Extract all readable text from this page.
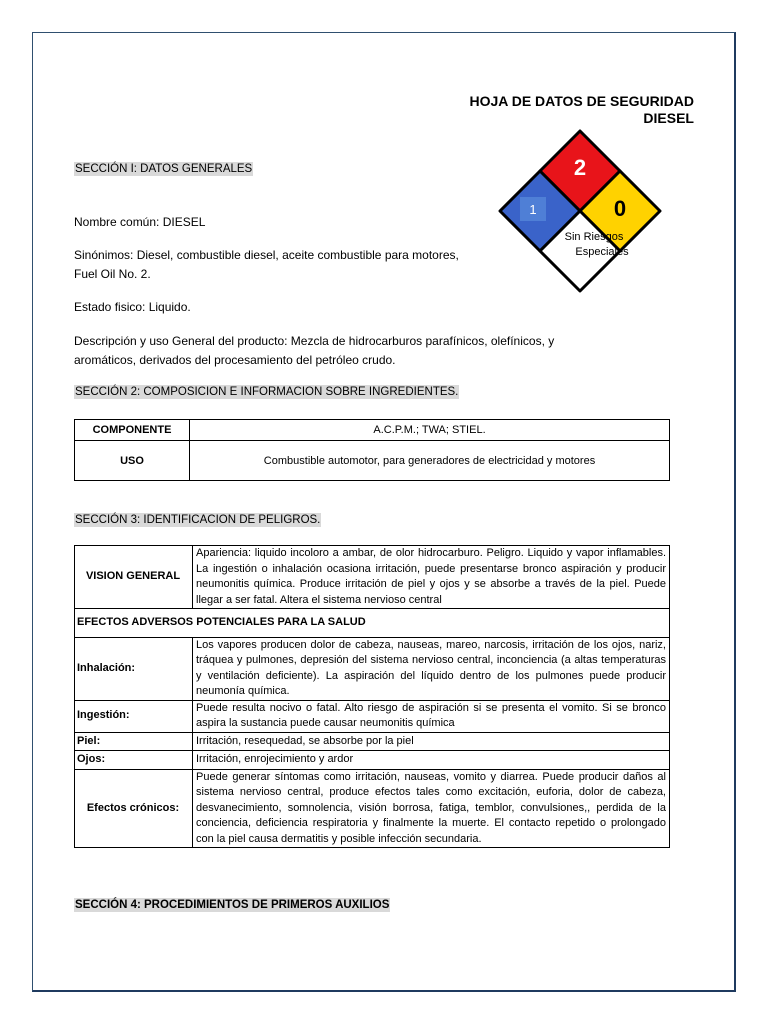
HOJA DE DATOS DE SEGURIDAD
DIESEL
SECCIÓN I: DATOS GENERALES
Nombre común: DIESEL
Sinónimos: Diesel, combustible diesel, aceite combustible para motores,
Fuel Oil No. 2.
Estado fisico: Liquido.
Descripción y uso General del producto: Mezcla de hidrocarburos parafínicos, olefínicos, y
aromáticos, derivados del procesamiento del petróleo crudo.
1
2
0
Sin Riesgos
Especiales
SECCIÓN 2: COMPOSICION E INFORMACION SOBRE INGREDIENTES.
COMPONENTE	A.C.P.M.; TWA; STIEL.
USO	Combustible automotor, para generadores de electricidad y motores
SECCIÓN 3: IDENTIFICACION DE PELIGROS.
VISION GENERAL	Apariencia: liquido incoloro a ambar, de olor hidrocarburo. Peligro. Liquido y vapor inflamables. La ingestión o inhalación ocasiona irritación, puede presentarse bronco aspiración y producir neumonitis química. Produce irritación de piel y ojos y se absorbe a través de la piel. Puede llegar a ser fatal. Altera el sistema nervioso central
EFECTOS ADVERSOS POTENCIALES PARA LA SALUD	
Inhalación:	Los vapores producen dolor de cabeza, nauseas, mareo, narcosis, irritación de los ojos, nariz, tráquea y pulmones, depresión del sistema nervioso central, inconciencia (a altas temperaturas y ventilación deficiente). La aspiración del líquido dentro de los pulmones puede producir neumonía química.
Ingestión:	Puede resulta nocivo o fatal. Alto riesgo de aspiración si se presenta el vomito. Si se bronco aspira la sustancia puede causar neumonitis química
Piel:	Irritación, resequedad, se absorbe por la piel
Ojos:	Irritación, enrojecimiento y ardor
Efectos crónicos:	Puede generar síntomas como irritación, nauseas, vomito y diarrea. Puede producir daños al sistema nervioso central, produce efectos tales como excitación, euforia, dolor de cabeza, desvanecimiento, somnolencia, visión borrosa, fatiga, temblor, convulsiones,, perdida de la conciencia, deficiencia respiratoria y finalmente la muerte. El contacto repetido o prolongado con la piel causa dermatitis y posible infección secundaria.
SECCIÓN 4: PROCEDIMIENTOS DE PRIMEROS AUXILIOS
